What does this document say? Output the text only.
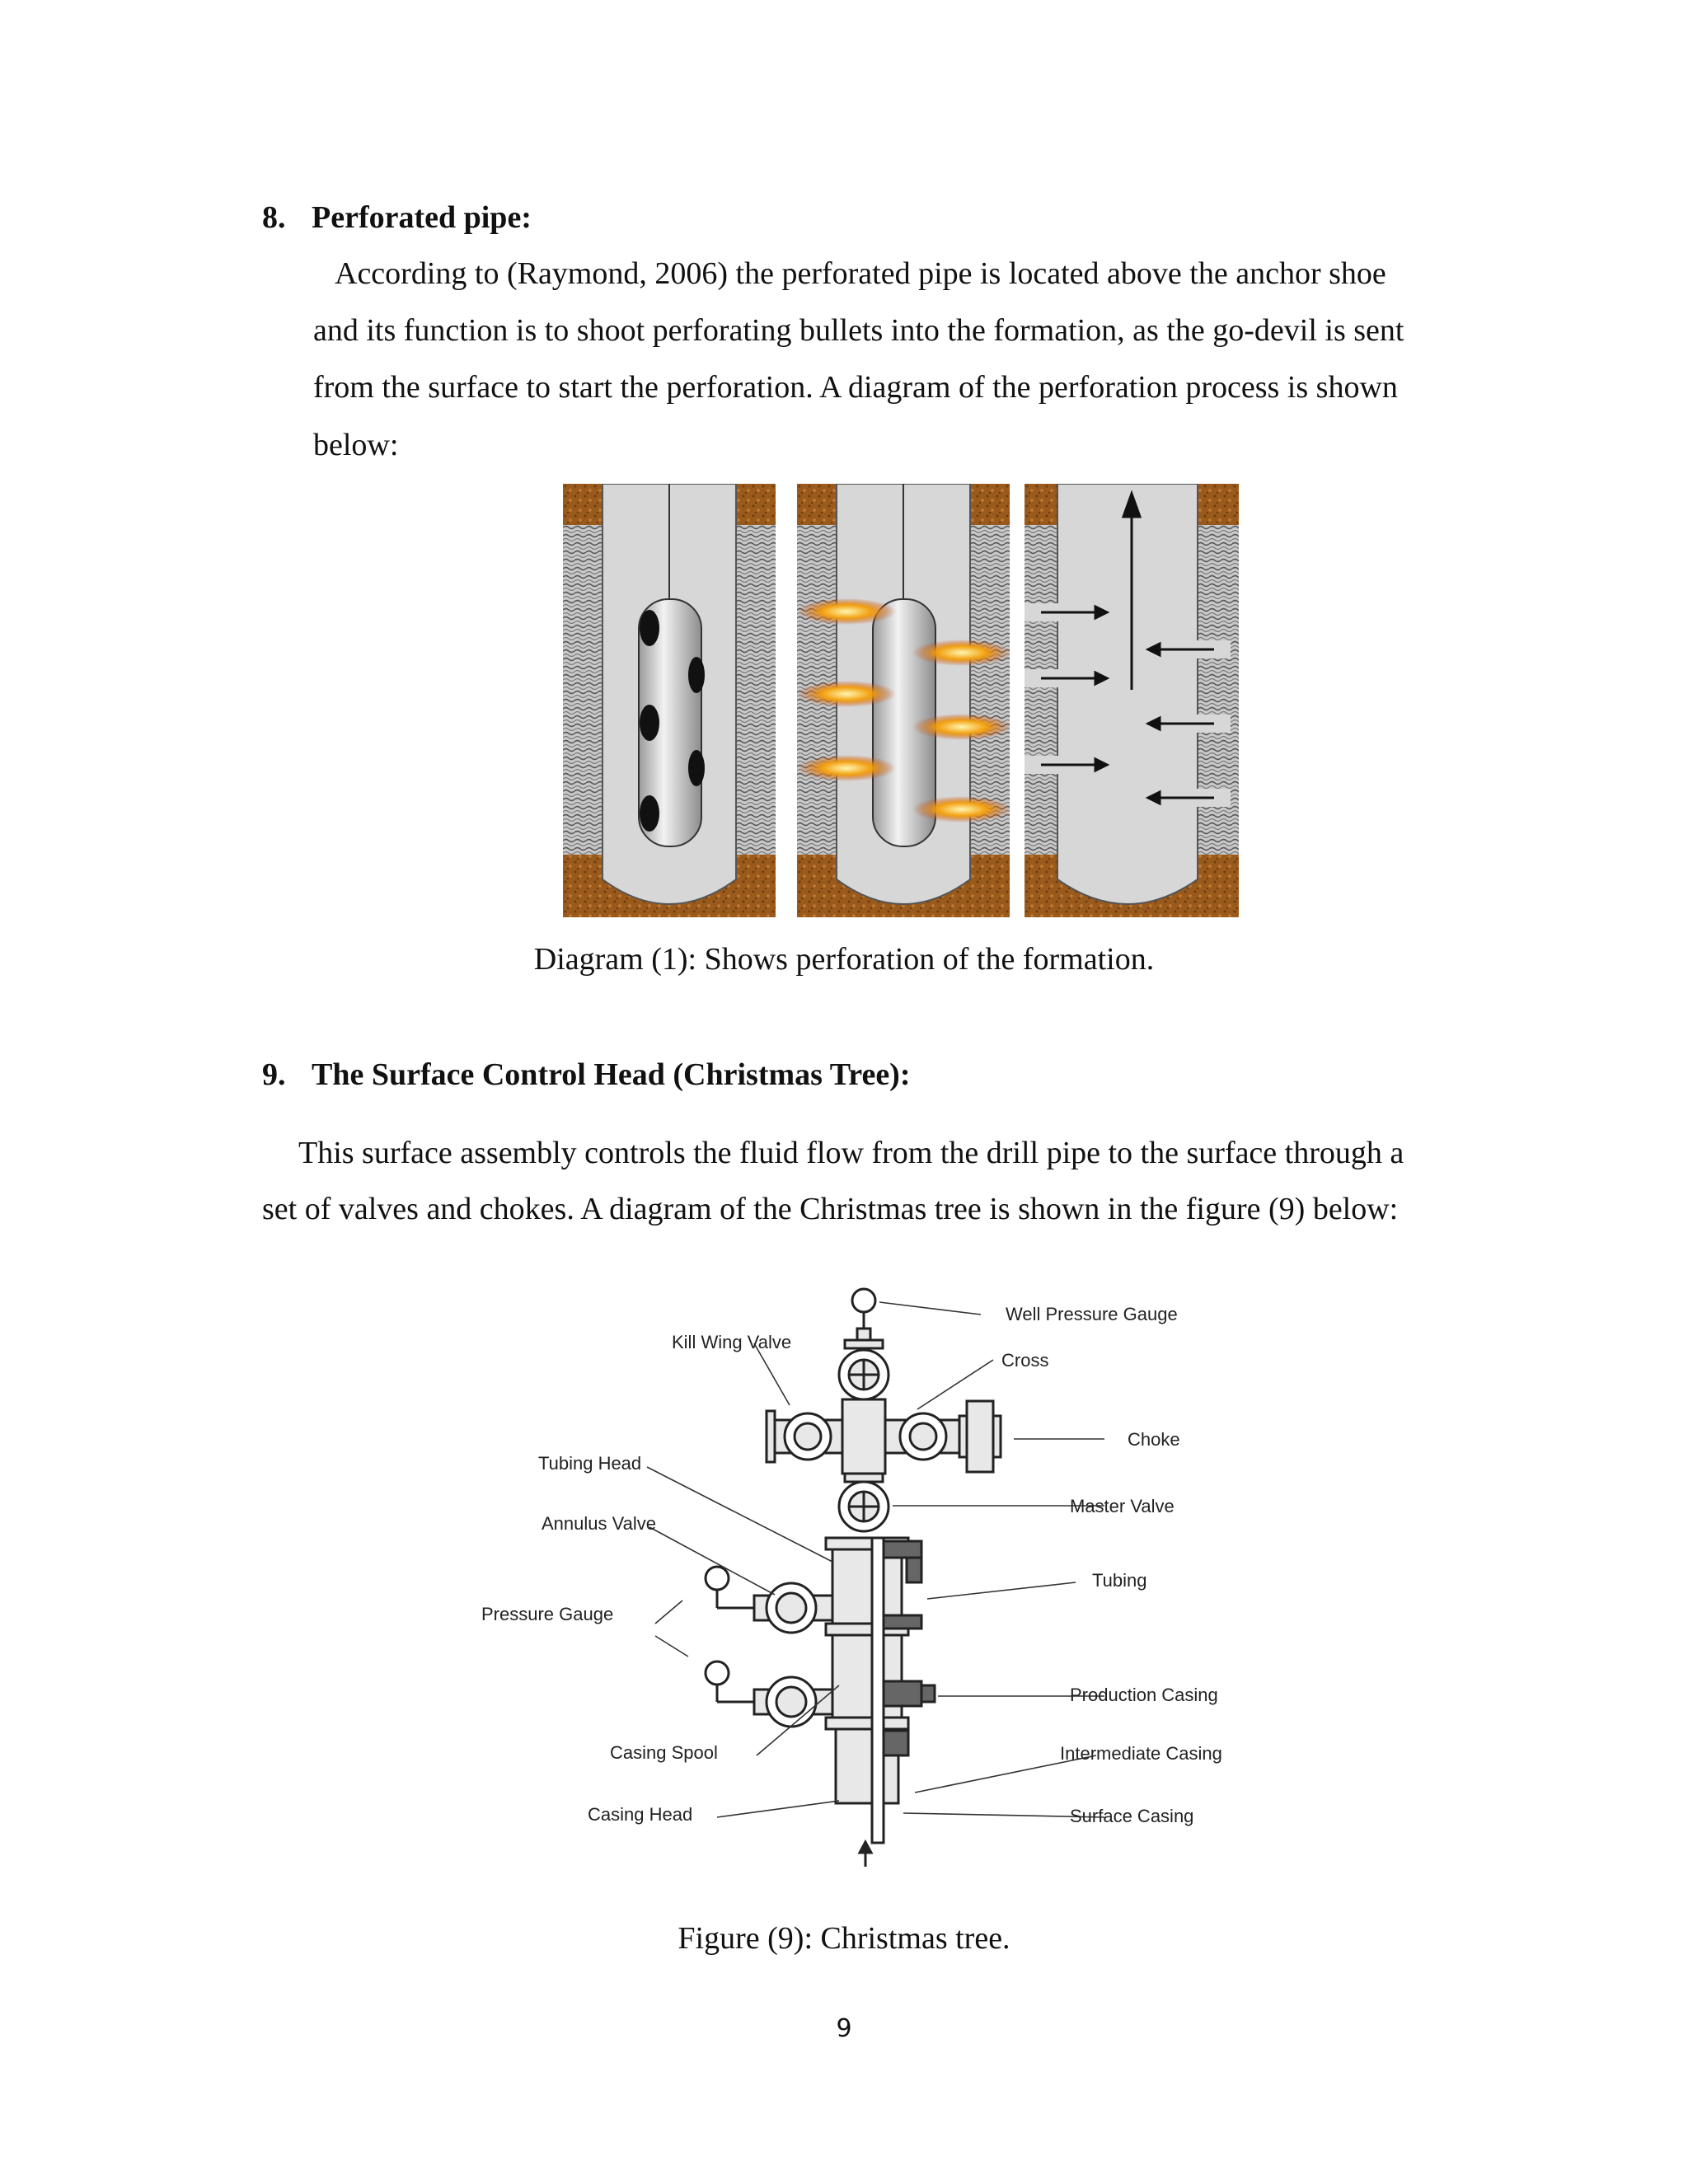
8. Perforated pipe:
According to (Raymond, 2006) the perforated pipe is located above the anchor shoe
and its function is to shoot perforating bullets into the formation, as the go-devil is sent
from the surface to start the perforation. A diagram of the perforation process is shown
below:
Diagram (1): Shows perforation of the formation.
9. The Surface Control Head (Christmas Tree):
This surface assembly controls the fluid flow from the drill pipe to the surface through a
set of valves and chokes. A diagram of the Christmas tree is shown in the figure (9) below:
Well Pressure Gauge
Kill Wing Valve
Cross
Choke
Tubing Head
Master Valve
Annulus Valve
Tubing
Pressure Gauge
Production Casing
Casing Spool	Intermediate Casing
Casing Head	Surface Casing
Figure (9): Christmas tree.
9
